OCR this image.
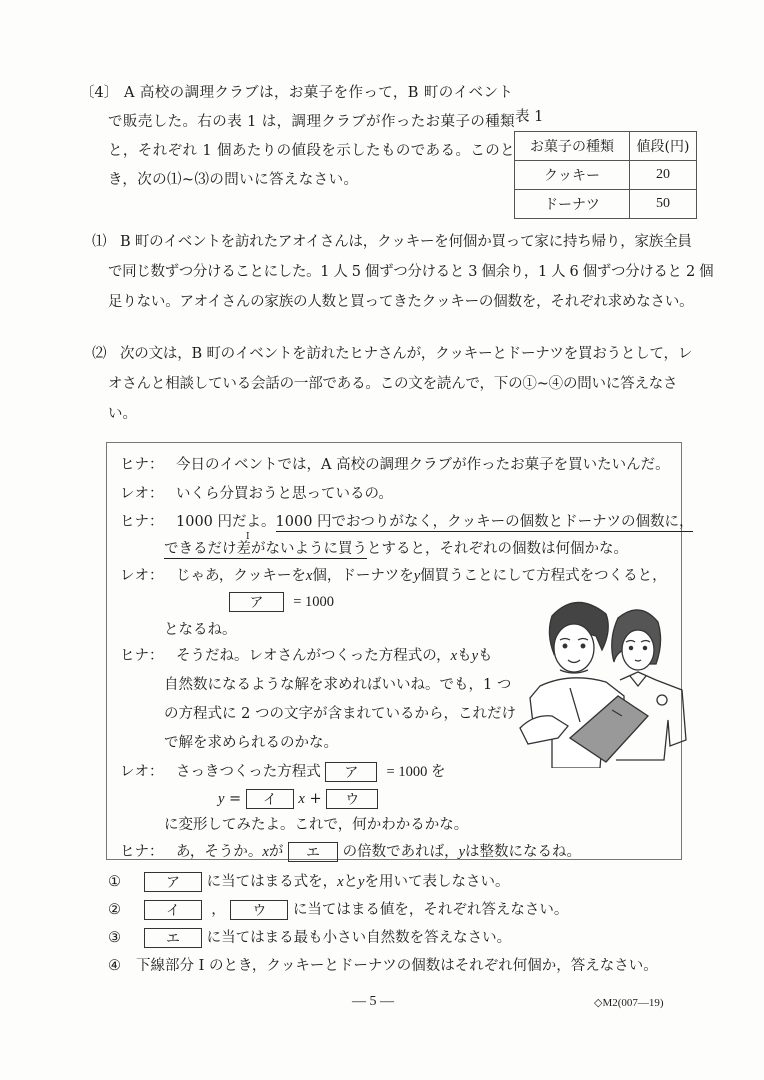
〔4〕 A 高校の調理クラブは，お菓子を作って，B 町のイベント
で販売した。右の表 1 は，調理クラブが作ったお菓子の種類
と，それぞれ 1 個あたりの値段を示したものである。このと
き，次の⑴~⑶の問いに答えなさい。
表 1
お菓子の種類	値段(円)
クッキー	20
ドーナツ	50
⑴ B 町のイベントを訪れたアオイさんは，クッキーを何個か買って家に持ち帰り，家族全員
で同じ数ずつ分けることにした。1 人 5 個ずつ分けると 3 個余り，1 人 6 個ずつ分けると 2 個
足りない。アオイさんの家族の人数と買ってきたクッキーの個数を，それぞれ求めなさい。
⑵ 次の文は，B 町のイベントを訪れたヒナさんが，クッキーとドーナツを買おうとして，レ
オさんと相談している会話の一部である。この文を読んで，下の①~④の問いに答えなさ
い。
ヒナ： 今日のイベントでは，A 高校の調理クラブが作ったお菓子を買いたいんだ。
レオ： いくら分買おうと思っているの。
ヒナ： 1000 円だよ。1000 円でおつりがなく，クッキーの個数とドーナツの個数に，
I
できるだけ差がないように買うとすると，それぞれの個数は何個かな。
レオ： じゃあ，クッキーをx個，ドーナツをy個買うことにして方程式をつくると，
ア = 1000
となるね。
ヒナ： そうだね。レオさんがつくった方程式の，xもyも
自然数になるような解を求めればいいね。でも，1 つ
の方程式に 2 つの文字が含まれているから，これだけ
で解を求められるのかな。
レオ： さっきつくった方程式 ア = 1000 を
y = イ x + ウ
に変形してみたよ。これで，何かわかるかな。
ヒナ： あ，そうか。xが エ の倍数であれば，yは整数になるね。
①	ア に当てはまる式を，xとyを用いて表しなさい。
②	イ ， ウ に当てはまる値を，それぞれ答えなさい。
③	エ に当てはまる最も小さい自然数を答えなさい。
④ 下線部分 I のとき，クッキーとドーナツの個数はそれぞれ何個か，答えなさい。
— 5 —	◇M2(007—19)
